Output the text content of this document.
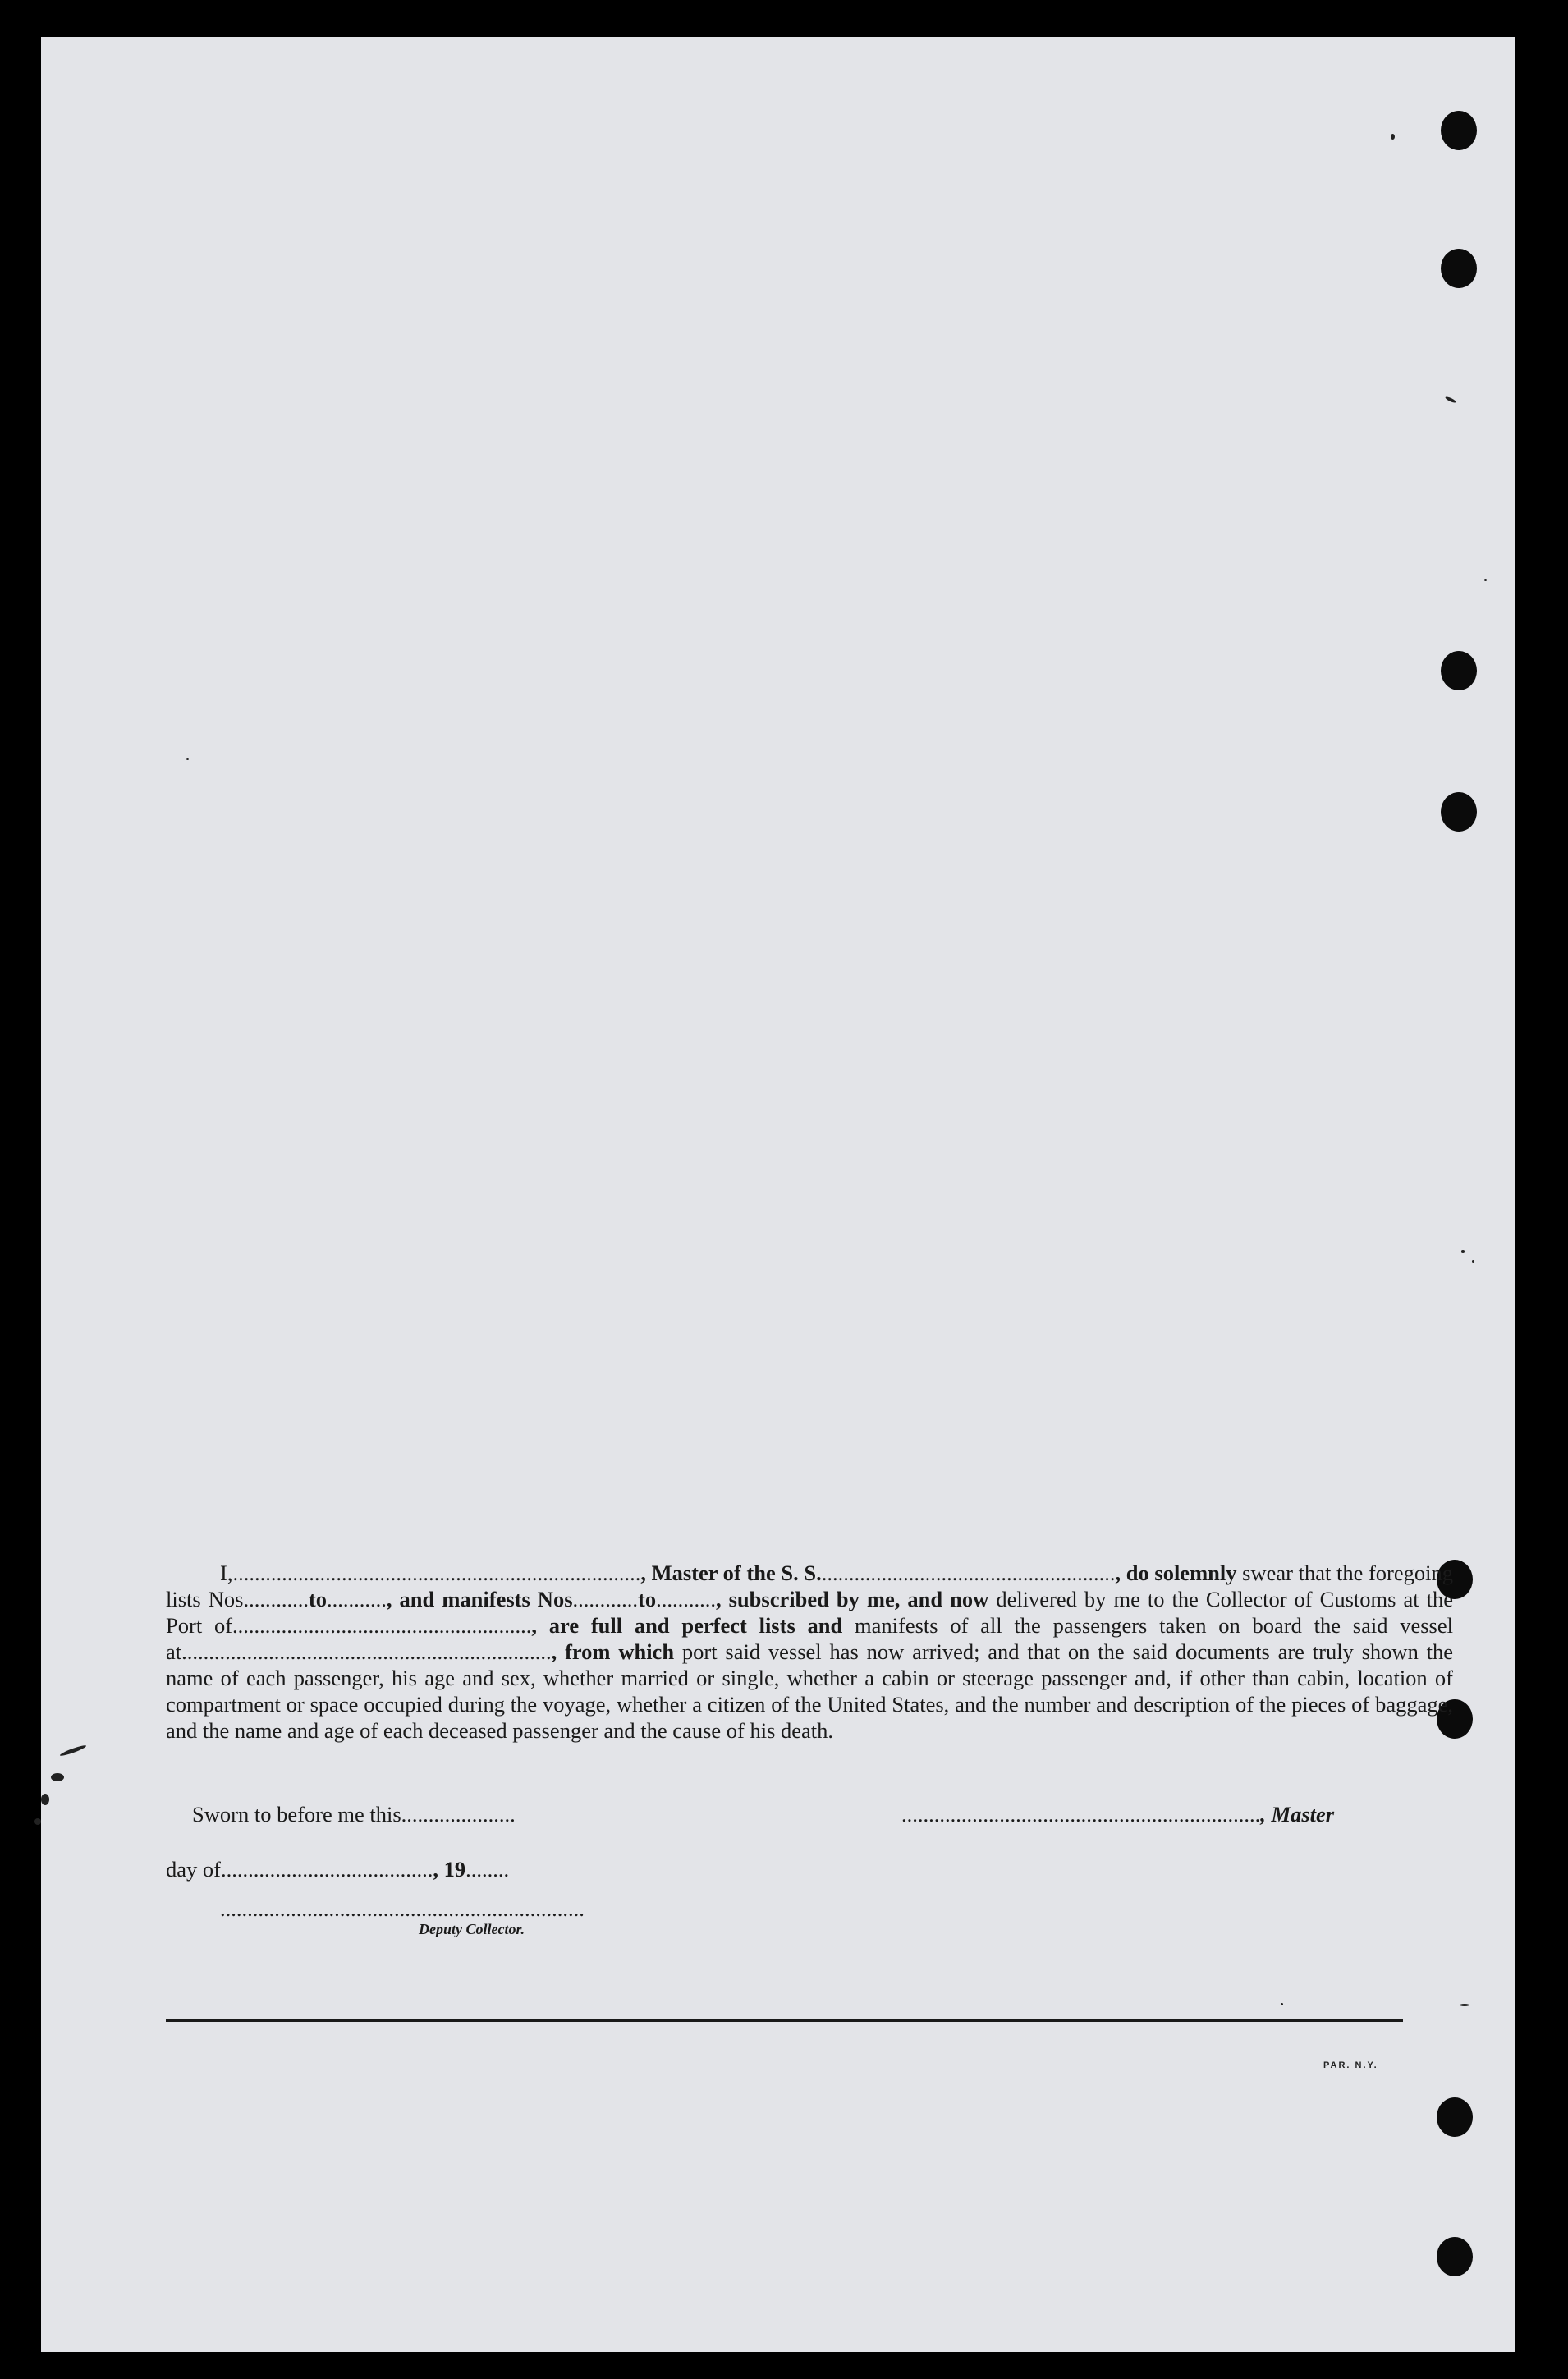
I,..........................................................................., Master of the S. S......................................................., do solemnly swear that the foregoing lists Nos............to..........., and manifests Nos............to..........., subscribed by me, and now delivered by me to the Collector of Customs at the Port of......................................................., are full and perfect lists and manifests of all the passengers taken on board the said vessel at...................................................................., from which port said vessel has now arrived; and that on the said documents are truly shown the name of each passenger, his age and sex, whether married or single, whether a cabin or steerage passenger and, if other than cabin, location of compartment or space occupied during the voyage, whether a citizen of the United States, and the number and description of the pieces of baggage, and the name and age of each deceased passenger and the cause of his death.

Sworn to before me this.....................	.................................................................., Master
day of......................................., 19........
...................................................................
Deputy Collector.
PAR. N.Y.
